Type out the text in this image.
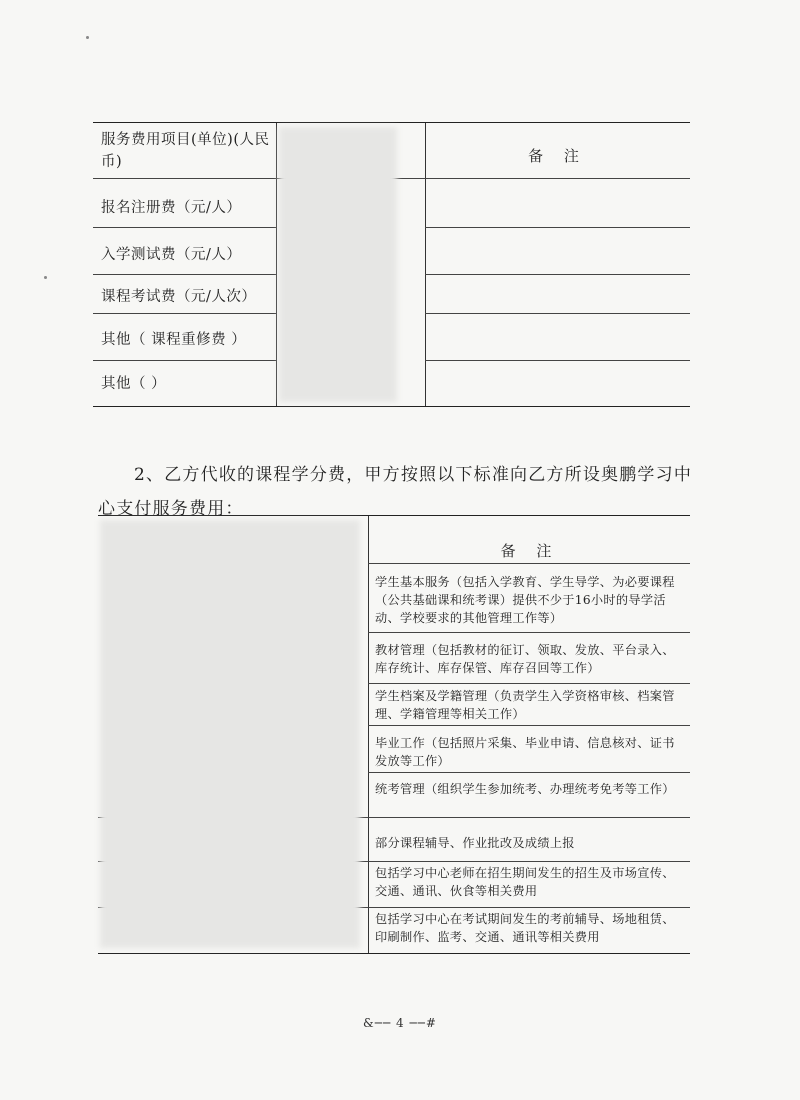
服务费用项目(单位)(人民币)	备 注
报名注册费（元/人）
入学测试费（元/人）
课程考试费（元/人次）
其他（ 课程重修费 ）
其他（ ）
2、乙方代收的课程学分费，甲方按照以下标准向乙方所设奥鹏学习中心支付服务费用：
备 注
学生基本服务（包括入学教育、学生导学、为必要课程（公共基础课和统考课）提供不少于16小时的导学活动、学校要求的其他管理工作等）
教材管理（包括教材的征订、领取、发放、平台录入、库存统计、库存保管、库存召回等工作）
学生档案及学籍管理（负责学生入学资格审核、档案管理、学籍管理等相关工作）
毕业工作（包括照片采集、毕业申请、信息核对、证书发放等工作）
统考管理（组织学生参加统考、办理统考免考等工作）
部分课程辅导、作业批改及成绩上报
包括学习中心老师在招生期间发生的招生及市场宣传、交通、通讯、伙食等相关费用
包括学习中心在考试期间发生的考前辅导、场地租赁、印刷制作、监考、交通、通讯等相关费用
&── 4 ──#
